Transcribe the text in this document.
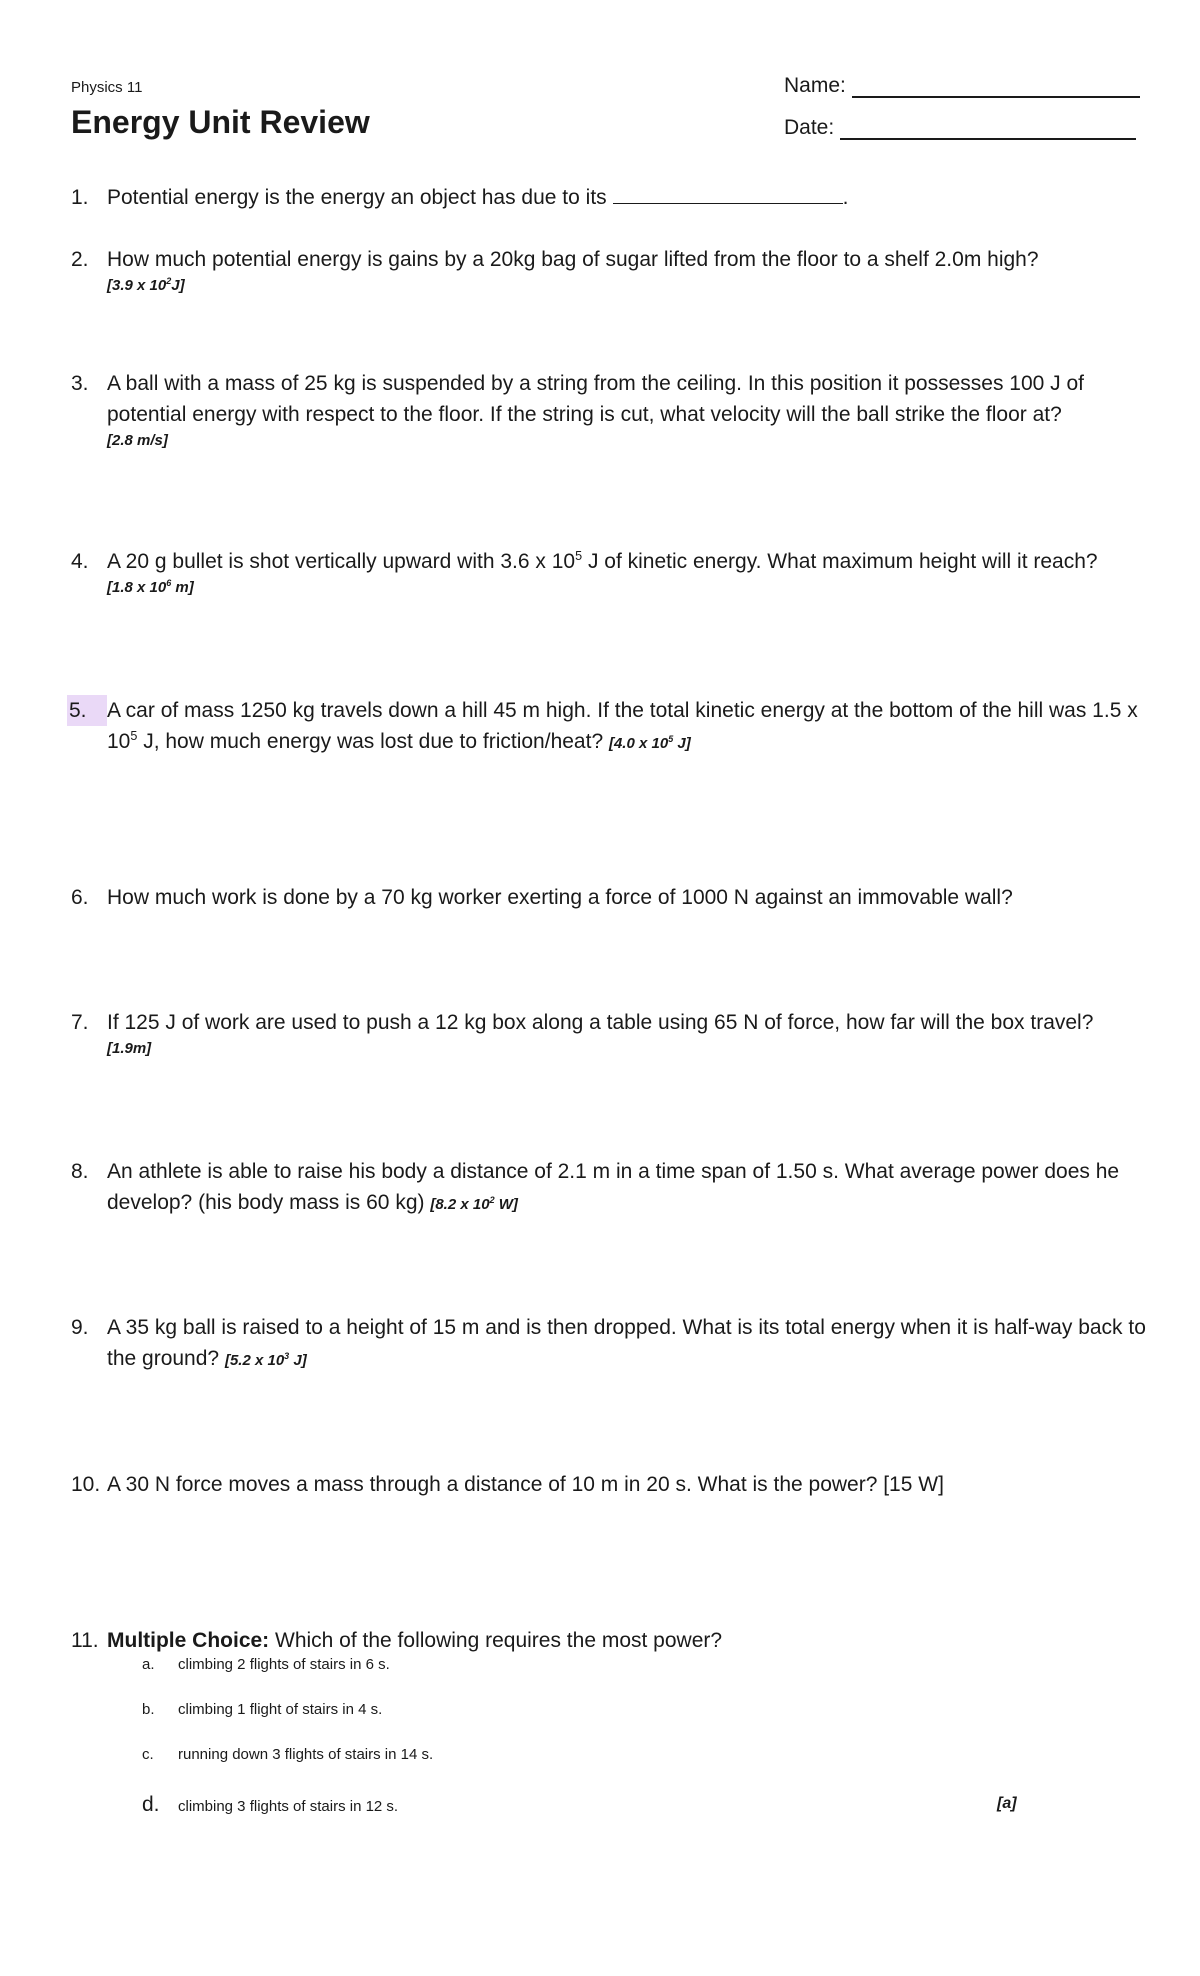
Physics 11
Energy Unit Review
Name:
Date:
1. Potential energy is the energy an object has due to its	.
2. How much potential energy is gains by a 20kg bag of sugar lifted from the floor to a shelf 2.0m high?
[3.9 x $10^2J$]
3. A ball with a mass of 25 kg is suspended by a string from the ceiling. In this position it possesses 100 J of potential energy with respect to the floor. If the string is cut, what velocity will the ball strike the floor at?
[2.8 m/s]
4. A 20 g bullet is shot vertically upward with 3.6 x $10^5$ J of kinetic energy. What maximum height will it reach?
[1.8 x $10^6$ m]
5. A car of mass 1250 kg travels down a hill 45 m high. If the total kinetic energy at the bottom of the hill was 1.5 x $10^5$ J, how much energy was lost due to friction/heat? [4.0 x $10^5$ J]
6. How much work is done by a 70 kg worker exerting a force of 1000 N against an immovable wall?
7. If 125 J of work are used to push a 12 kg box along a table using 65 N of force, how far will the box travel?
[1.9m]
8. An athlete is able to raise his body a distance of 2.1 m in a time span of 1.50 s. What average power does he develop? (his body mass is 60 kg) [8.2 x $10^2$ W]
9. A 35 kg ball is raised to a height of 15 m and is then dropped. What is its total energy when it is half-way back to the ground? [5.2 x $10^3$ J]
10. A 30 N force moves a mass through a distance of 10 m in 20 s. What is the power? [15 W]
11. Multiple Choice: Which of the following requires the most power?
a.	climbing 2 flights of stairs in 6 s.
b.	climbing 1 flight of stairs in 4 s.
c.	running down 3 flights of stairs in 14 s.
d.	climbing 3 flights of stairs in 12 s.	[a]
